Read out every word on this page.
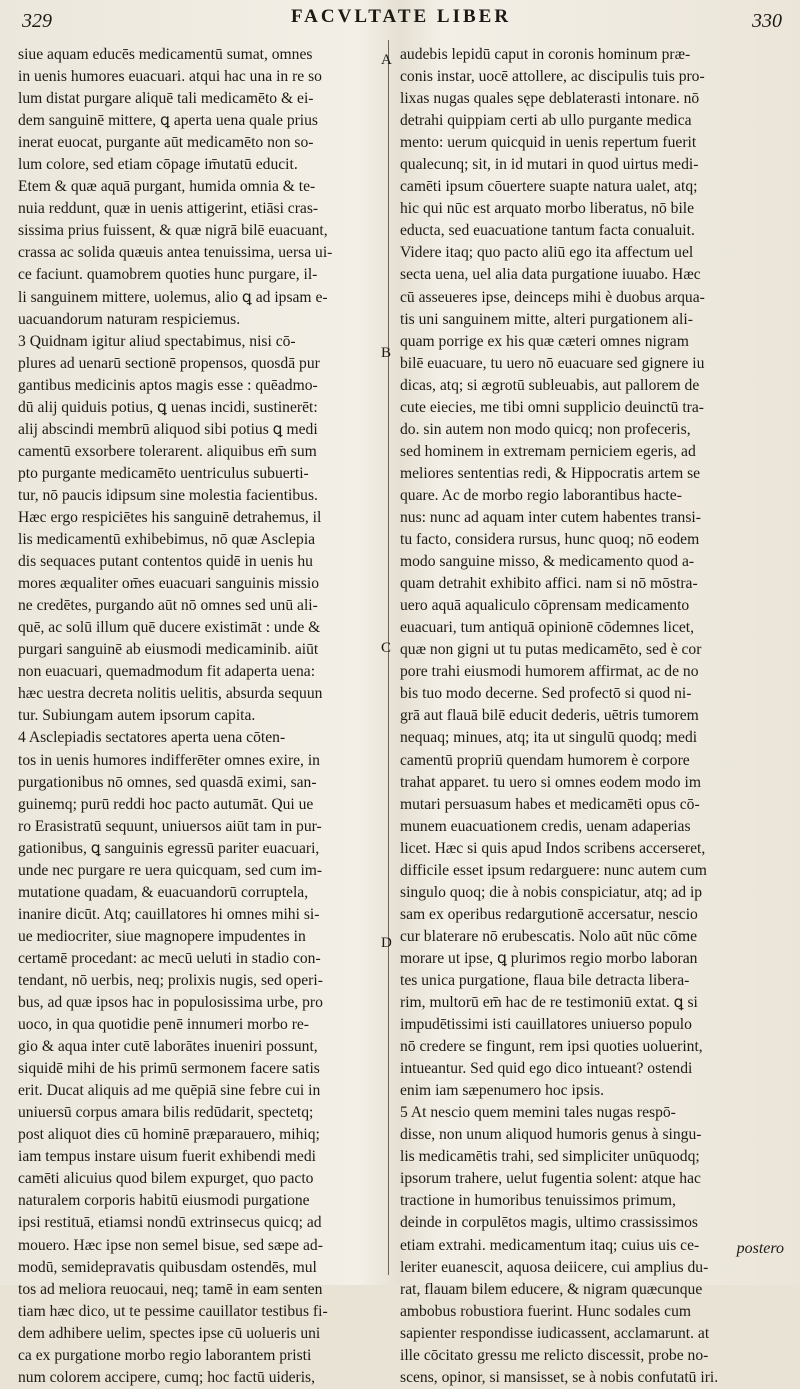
329	FACVLTATE LIBER	330
siue aquam educēs medicamentū sumat, omnes
in uenis humores euacuari. atqui hac una in re so
lum distat purgare aliquē tali medicamēto & ei-
dem sanguinē mittere, ꝗ aperta uena quale prius
inerat euocat, purgante aūt medicamēto non so-
lum colore, sed etiam cōpage im̄utatū educit.
Etem & quæ aquā purgant, humida omnia & te-
nuia reddunt, quæ in uenis attigerint, etiāsi cras-
sissima prius fuissent, & quæ nigrā bilē euacuant,
crassa ac solida quæuis antea tenuissima, uersa ui-
ce faciunt. quamobrem quoties hunc purgare, il-
li sanguinem mittere, uolemus, alio ꝗ ad ipsam e-
uacuandorum naturam respiciemus.
3 Quidnam igitur aliud spectabimus, nisi cō-
plures ad uenarū sectionē propensos, quosdā pur
gantibus medicinis aptos magis esse : quēadmo-
dū alij quiduis potius, ꝗ uenas incidi, sustinerēt:
alij abscindi membrū aliquod sibi potius ꝗ medi
camentū exsorbere tolerarent. aliquibus em̄ sum
pto purgante medicamēto uentriculus subuerti-
tur, nō paucis idipsum sine molestia facientibus.
Hæc ergo respiciētes his sanguinē detrahemus, il
lis medicamentū exhibebimus, nō quæ Asclepia
dis sequaces putant contentos quidē in uenis hu
mores æqualiter om̄es euacuari sanguinis missio
ne credētes, purgando aūt nō omnes sed unū ali-
quē, ac solū illum quē ducere existimāt : unde &
purgari sanguinē ab eiusmodi medicaminib. aiūt
non euacuari, quemadmodum fit adaperta uena:
hæc uestra decreta nolitis uelitis, absurda sequun
tur. Subiungam autem ipsorum capita.
4 Asclepiadis sectatores aperta uena cōten-
tos in uenis humores indifferēter omnes exire, in
purgationibus nō omnes, sed quasdā eximi, san-
guinemq; purū reddi hoc pacto autumāt. Qui ue
ro Erasistratū sequunt, uniuersos aiūt tam in pur-
gationibus, ꝗ sanguinis egressū pariter euacuari,
unde nec purgare re uera quicquam, sed cum im-
mutatione quadam, & euacuandorū corruptela,
inanire dicūt. Atq; cauillatores hi omnes mihi si-
ue mediocriter, siue magnopere impudentes in
certamē procedant: ac mecū ueluti in stadio con-
tendant, nō uerbis, neq; prolixis nugis, sed operi-
bus, ad quæ ipsos hac in populosissima urbe, pro
uoco, in qua quotidie penē innumeri morbo re-
gio & aqua inter cutē laborātes inueniri possunt,
siquidē mihi de his primū sermonem facere satis
erit. Ducat aliquis ad me quēpiā sine febre cui in
uniuersū corpus amara bilis redūdarit, spectetq;
post aliquot dies cū hominē præparauero, mihiq;
iam tempus instare uisum fuerit exhibendi medi
camēti alicuius quod bilem expurget, quo pacto
naturalem corporis habitū eiusmodi purgatione
ipsi restituā, etiamsi nondū extrinsecus quicq; ad
mouero. Hæc ipse non semel bisue, sed sæpe ad-
modū, semidepravatis quibusdam ostendēs, mul
tos ad meliora reuocaui, neq; tamē in eam senten
tiam hæc dico, ut te pessime cauillator testibus fi-
dem adhibere uelim, spectes ipse cū uolueris uni
ca ex purgatione morbo regio laborantem pristi
num colorem accipere, cumq; hoc factū uideris,
audebis lepidū caput in coronis hominum præ-
conis instar, uocē attollere, ac discipulis tuis pro-
lixas nugas quales sępe deblaterasti intonare. nō
detrahi quippiam certi ab ullo purgante medica
mento: uerum quicquid in uenis repertum fuerit
qualecunq; sit, in id mutari in quod uirtus medi-
camēti ipsum cōuertere suapte natura ualet, atq;
hic qui nūc est arquato morbo liberatus, nō bile
educta, sed euacuatione tantum facta conualuit.
Videre itaq; quo pacto aliū ego ita affectum uel
secta uena, uel alia data purgatione iuuabo. Hæc
cū asseueres ipse, deinceps mihi è duobus arqua-
tis uni sanguinem mitte, alteri purgationem ali-
quam porrige ex his quæ cæteri omnes nigram
bilē euacuare, tu uero nō euacuare sed gignere iu
dicas, atq; si ægrotū subleuabis, aut pallorem de
cute eiecies, me tibi omni supplicio deuinctū tra-
do. sin autem non modo quicq; non profeceris,
sed hominem in extremam perniciem egeris, ad
meliores sententias redi, & Hippocratis artem se
quare. Ac de morbo regio laborantibus hacte-
nus: nunc ad aquam inter cutem habentes transi-
tu facto, considera rursus, hunc quoq; nō eodem
modo sanguine misso, & medicamento quod a-
quam detrahit exhibito affici. nam si nō mōstra-
uero aquā aqualiculo cōprensam medicamento
euacuari, tum antiquā opinionē cōdemnes licet,
quæ non gigni ut tu putas medicamēto, sed è cor
pore trahi eiusmodi humorem affirmat, ac de no
bis tuo modo decerne. Sed profectō si quod ni-
grā aut flauā bilē educit dederis, uētris tumorem
nequaq; minues, atq; ita ut singulū quodq; medi
camentū propriū quendam humorem è corpore
trahat apparet. tu uero si omnes eodem modo im
mutari persuasum habes et medicamēti opus cō-
munem euacuationem credis, uenam adaperias
licet. Hæc si quis apud Indos scribens accerseret,
difficile esset ipsum redarguere: nunc autem cum
singulo quoq; die à nobis conspiciatur, atq; ad ip
sam ex operibus redargutionē accersatur, nescio
cur blaterare nō erubescatis. Nolo aūt nūc cōme
morare ut ipse, ꝗ plurimos regio morbo laboran
tes unica purgatione, flaua bile detracta libera-
rim, multorū em̄ hac de re testimoniū extat. ꝗ si
impudētissimi isti cauillatores uniuerso populo
nō credere se fingunt, rem ipsi quoties uoluerint,
intueantur. Sed quid ego dico intueant? ostendi
enim iam sæpenumero hoc ipsis.
5 At nescio quem memini tales nugas respō-
disse, non unum aliquod humoris genus à singu-
lis medicamētis trahi, sed simpliciter unūquodq;
ipsorum trahere, uelut fugentia solent: atque hac
tractione in humoribus tenuissimos primum,
deinde in corpulētos magis, ultimo crassissimos
etiam extrahi. medicamentum itaq; cuius uis ce-
leriter euanescit, aquosa deiicere, cui amplius du-
rat, flauam bilem educere, & nigram quæcunque
ambobus robustiora fuerint. Hunc sodales cum
sapienter respondisse iudicassent, acclamarunt. at
ille cōcitato gressu me relicto discessit, probe no-
scens, opinor, si mansisset, se à nobis confutatū iri.
A
B
C
D
postero
